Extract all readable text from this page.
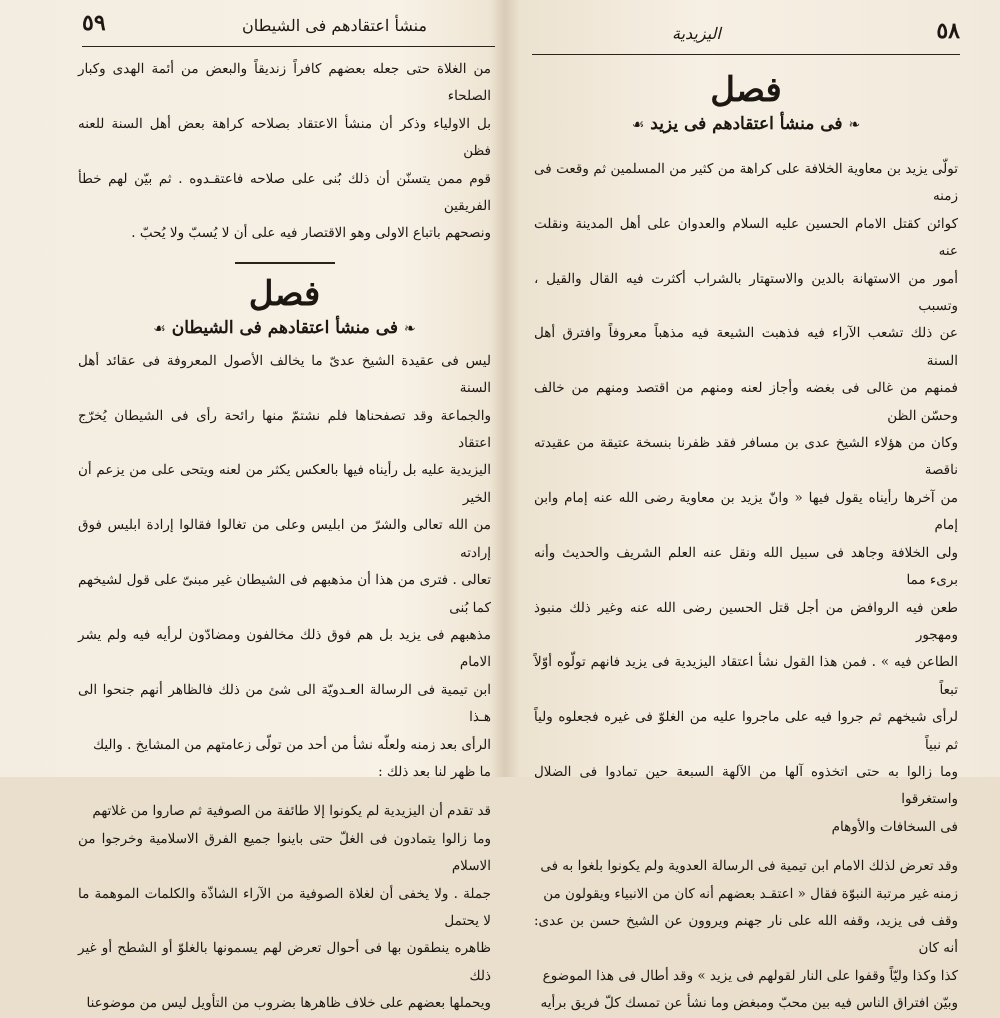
٥٩	منشأ اعتقادهم فى الشيطان

من الغلاة حتى جعله بعضهم كافراً زنديقاً والبعض من أئمة الهدى وكبار الصلحاء

بل الاولياء وذكر أن منشأ الاعتقاد بصلاحه كراهة بعض أهل السنة للعنه فظن

قوم ممن يتسنّن أن ذلك بُنى على صلاحه فاعتقـدوه . ثم بيّن لهم خطأ الفريقين

ونصحهم باتباع الاولى وهو الاقتصار فيه على أن لا يُسبّ ولا يُحبّ .

فصل
❧فى منشأ اعتقادهم فى الشيطان☙

ليس فى عقيدة الشيخ عدىّ ما يخالف الأصول المعروفة فى عقائد أهل السنة

والجماعة وقد تصفحناها فلم نشتمّ منها رائحة رأى فى الشيطان يُخرّج اعتقاد

اليزيدية عليه بل رأيناه فيها بالعكس يكثر من لعنه ويتحى على من يزعم أن الخير

من الله تعالى والشرّ من ابليس وعلى من تغالوا فقالوا إرادة ابليس فوق إرادته

تعالى . فترى من هذا أن مذهبهم فى الشيطان غير مبنىّ على قول لشيخهم كما بُنى

مذهبهم فى يزيد بل هم فوق ذلك مخالفون ومضادّون لرأيه فيه ولم يشر الامام

ابن تيمية فى الرسالة العـدويّة الى شئ من ذلك فالظاهر أنهم جنحوا الى هـذا

الرأى بعد زمنه ولعلّه نشأ من أحد من تولّى زعامتهم من المشايخ . واليك

ما ظهر لنا بعد ذلك :

قد تقدم أن اليزيدية لم يكونوا إلا طائفة من الصوفية ثم صاروا من غلاتهم

وما زالوا يتمادون فى الغلّ حتى باينوا جميع الفرق الاسلامية وخرجوا من الاسلام

جملة . ولا يخفى أن لغلاة الصوفية من الآراء الشاذّة والكلمات الموهمة ما لا يحتمل

ظاهره ينطقون بها فى أحوال تعرض لهم يسمونها بالغلوّ أو الشطح أو غير ذلك

ويحملها بعضهم على خلاف ظاهرها بضروب من التأويل ليس من موضوعنا

٥٨
اليزيدية
فصل
❧فى منشأ اعتقادهم فى يزيد☙

تولّى يزيد بن معاوية الخلافة على كراهة من كثير من المسلمين ثم وقعت فى زمنه

كوائن كقتل الامام الحسين عليه السلام والعدوان على أهل المدينة ونقلت عنه

أمور من الاستهانة بالدين والاستهتار بالشراب أكثرت فيه القال والقيل ، وتسبب

عن ذلك تشعب الآراء فيه فذهبت الشيعة فيه مذهباً معروفاً وافترق أهل السنة

فمنهم من غالى فى بغضه وأجاز لعنه ومنهم من اقتصد ومنهم من خالف وحسّن الظن

وكان من هؤلاء الشيخ عدى بن مسافر فقد ظفرنا بنسخة عتيقة من عقيدته ناقصة

من آخرها رأيناه يقول فيها « وانّ يزيد بن معاوية رضى الله عنه إمام وابن إمام

ولى الخلافة وجاهد فى سبيل الله ونقل عنه العلم الشريف والحديث وأنه برىء مما

طعن فيه الروافض من أجل قتل الحسين رضى الله عنه وغير ذلك منبوذ ومهجور

الطاعن فيه » . فمن هذا القول نشأ اعتقاد اليزيدية فى يزيد فانهم تولّوه أوّلاً تبعاً

لرأى شيخهم ثم جروا فيه على ماجروا عليه من الغلوّ فى غيره فجعلوه ولياً ثم نبياً

وما زالوا به حتى اتخذوه آلها من الآلهة السبعة حين تمادوا فى الضلال واستغرقوا

فى السخافات والأوهام

وقد تعرض لذلك الامام ابن تيمية فى الرسالة العدوية ولم يكونوا بلغوا به فى

زمنه غير مرتبة النبوّة فقال « اعتقـد بعضهم أنه كان من الانبياء ويقولون من

وقف فى يزيد، وقفه الله على نار جهنم ويروون عن الشيخ حسن بن عدى: أنه كان

كذا وكذا وليّاً وقفوا على النار لقولهم فى يزيد » وقد أطال فى هذا الموضوع

وبيّن افتراق الناس فيه بين محبّ ومبغض وما نشأ عن تمسك كلّ فريق برأيه
